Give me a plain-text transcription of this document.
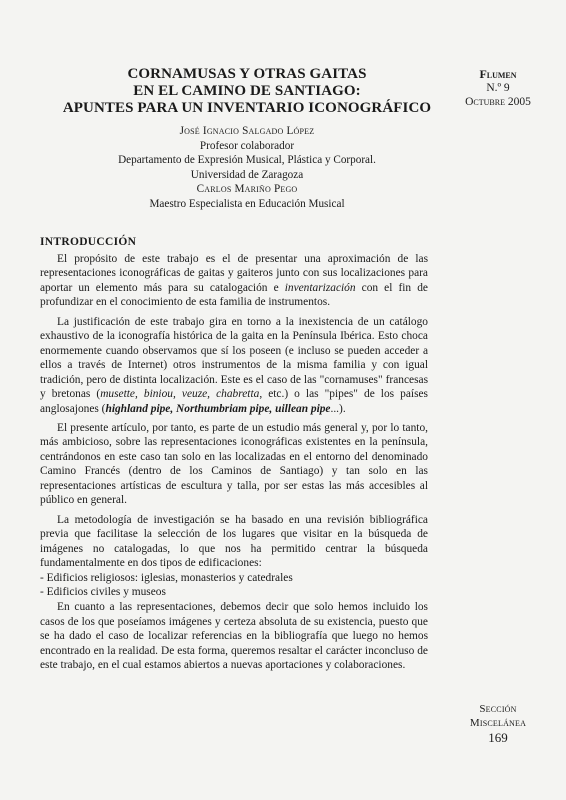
CORNAMUSAS Y OTRAS GAITAS
EN EL CAMINO DE SANTIAGO:
APUNTES PARA UN INVENTARIO ICONOGRÁFICO
José Ignacio Salgado López
Profesor colaborador
Departamento de Expresión Musical, Plástica y Corporal.
Universidad de Zaragoza
Carlos Mariño Pego
Maestro Especialista en Educación Musical
Flumen
N.º 9
Octubre 2005
INTRODUCCIÓN

El propósito de este trabajo es el de presentar una aproximación de las representaciones iconográficas de gaitas y gaiteros junto con sus localizaciones para aportar un elemento más para su catalogación e inventarización con el fin de profundizar en el conocimiento de esta familia de instrumentos.

La justificación de este trabajo gira en torno a la inexistencia de un catálogo exhaustivo de la iconografía histórica de la gaita en la Península Ibérica. Esto choca enormemente cuando observamos que sí los poseen (e incluso se pueden acceder a ellos a través de Internet) otros instrumentos de la misma familia y con igual tradición, pero de distinta localización. Este es el caso de las "cornamuses" francesas y bretonas (musette, biniou, veuze, chabretta, etc.) o las "pipes" de los países anglosajones (highland pipe, Northumbriam pipe, uillean pipe...).

El presente artículo, por tanto, es parte de un estudio más general y, por lo tanto, más ambicioso, sobre las representaciones iconográficas existentes en la península, centrándonos en este caso tan solo en las localizadas en el entorno del denominado Camino Francés (dentro de los Caminos de Santiago) y tan solo en las representaciones artísticas de escultura y talla, por ser estas las más accesibles al público en general.

La metodología de investigación se ha basado en una revisión bibliográfica previa que facilitase la selección de los lugares que visitar en la búsqueda de imágenes no catalogadas, lo que nos ha permitido centrar la búsqueda fundamentalmente en dos tipos de edificaciones:

- Edificios religiosos: iglesias, monasterios y catedrales

- Edificios civiles y museos

En cuanto a las representaciones, debemos decir que solo hemos incluido los casos de los que poseíamos imágenes y certeza absoluta de su existencia, puesto que se ha dado el caso de localizar referencias en la bibliografía que luego no hemos encontrado en la realidad. De esta forma, queremos resaltar el carácter inconcluso de este trabajo, en el cual estamos abiertos a nuevas aportaciones y colaboraciones.

Sección
Miscelánea
169
